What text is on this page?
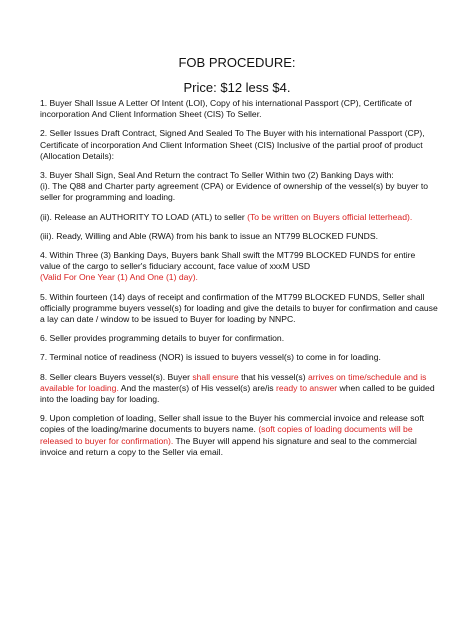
FOB PROCEDURE:

Price: $12 less $4.

1. Buyer Shall Issue A Letter Of Intent (LOI), Copy of his international Passport (CP), Certificate of incorporation And Client Information Sheet (CIS) To Seller.

2. Seller Issues Draft Contract, Signed And Sealed To The Buyer with his international Passport (CP), Certificate of incorporation And Client Information Sheet (CIS) Inclusive of the partial proof of product (Allocation Details):

3. Buyer Shall Sign, Seal And Return the contract To Seller Within two (2) Banking Days with:
(i). The Q88 and Charter party agreement (CPA) or Evidence of ownership of the vessel(s) by buyer to seller for programming and loading.

(ii). Release an AUTHORITY TO LOAD (ATL) to seller (To be written on Buyers official letterhead).

(iii). Ready, Willing and Able (RWA) from his bank to issue an NT799 BLOCKED FUNDS.

4. Within Three (3) Banking Days, Buyers bank Shall swift the MT799 BLOCKED FUNDS for entire value of the cargo to seller's fiduciary account, face value of xxxM USD
(Valid For One Year (1) And One (1) day).

5. Within fourteen (14) days of receipt and confirmation of the MT799 BLOCKED FUNDS, Seller shall officially programme buyers vessel(s) for loading and give the details to buyer for confirmation and cause a lay can date / window to be issued to Buyer for loading by NNPC.

6. Seller provides programming details to buyer for confirmation.

7. Terminal notice of readiness (NOR) is issued to buyers vessel(s) to come in for loading.

8. Seller clears Buyers vessel(s). Buyer shall ensure that his vessel(s) arrives on time/schedule and is available for loading. And the master(s) of His vessel(s) are/is ready to answer when called to be guided into the loading bay for loading.

9. Upon completion of loading, Seller shall issue to the Buyer his commercial invoice and release soft copies of the loading/marine documents to buyers name. (soft copies of loading documents will be released to buyer for confirmation). The Buyer will append his signature and seal to the commercial invoice and return a copy to the Seller via email.
